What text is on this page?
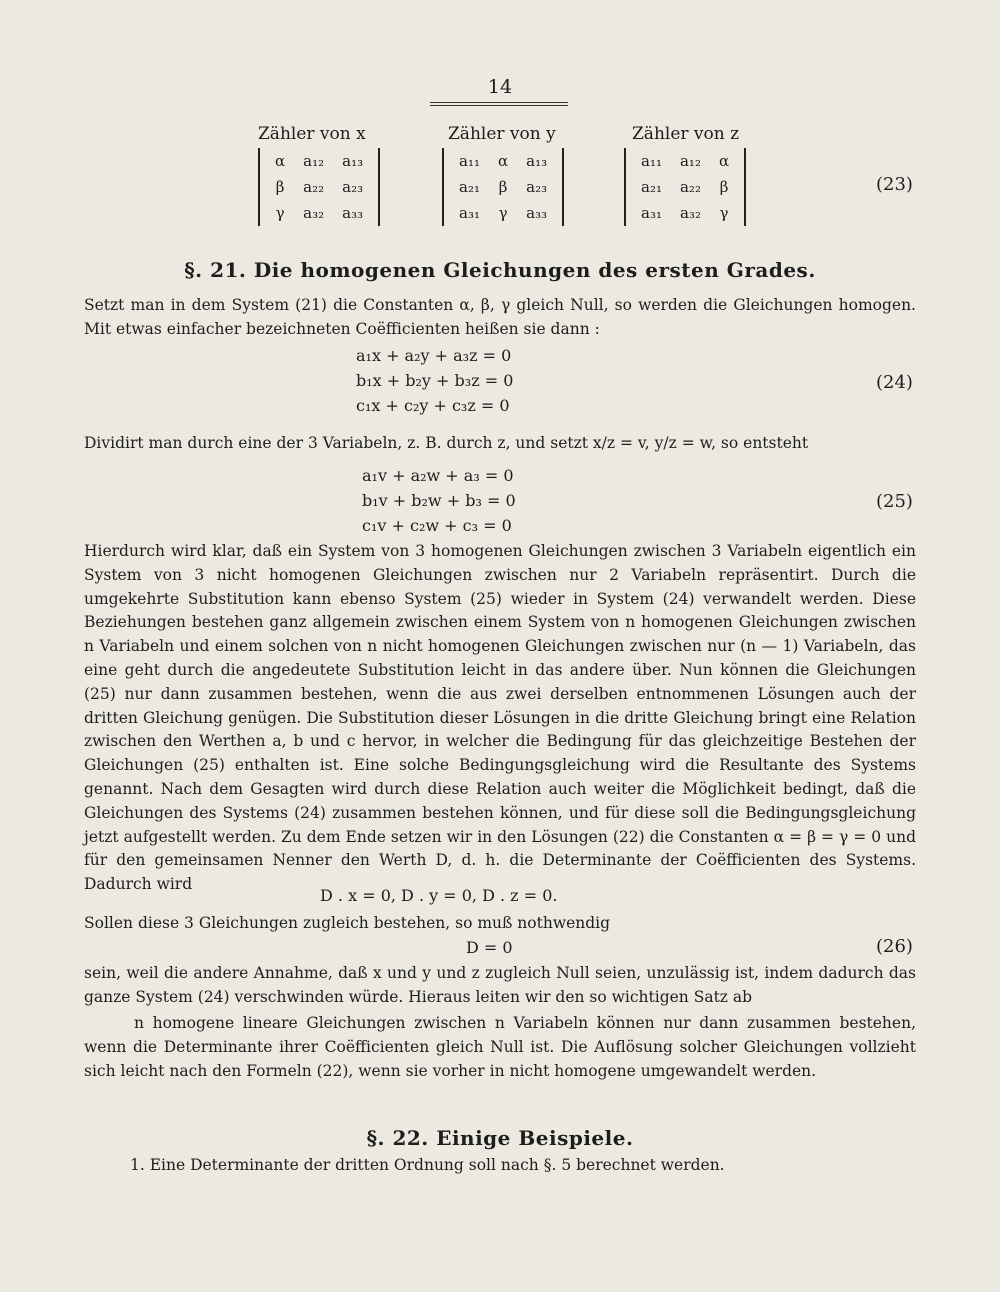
14
Zähler von x	Zähler von y	Zähler von z
α	a₁₂	a₁₃
β	a₂₂	a₂₃
γ	a₃₂	a₃₃
a₁₁	α	a₁₃
a₂₁	β	a₂₃
a₃₁	γ	a₃₃
a₁₁	a₁₂	α
a₂₁	a₂₂	β
a₃₁	a₃₂	γ
(23)
§. 21. Die homogenen Gleichungen des ersten Grades.
Setzt man in dem System (21) die Constanten α, β, γ gleich Null, so werden die Gleichungen homogen. Mit etwas einfacher bezeichneten Coëfficienten heißen sie dann :
a₁x + a₂y + a₃z = 0
b₁x + b₂y + b₃z = 0
c₁x + c₂y + c₃z = 0
(24)
Dividirt man durch eine der 3 Variabeln, z. B. durch z, und setzt x/z = v, y/z = w, so entsteht
a₁v + a₂w + a₃ = 0
b₁v + b₂w + b₃ = 0
c₁v + c₂w + c₃ = 0
(25)
Hierdurch wird klar, daß ein System von 3 homogenen Gleichungen zwischen 3 Variabeln eigentlich ein System von 3 nicht homogenen Gleichungen zwischen nur 2 Variabeln repräsentirt. Durch die umgekehrte Substitution kann ebenso System (25) wieder in System (24) verwandelt werden. Diese Beziehungen bestehen ganz allgemein zwischen einem System von n homogenen Gleichungen zwischen n Variabeln und einem solchen von n nicht homogenen Gleichungen zwischen nur (n — 1) Variabeln, das eine geht durch die angedeutete Substitution leicht in das andere über. Nun können die Gleichungen (25) nur dann zusammen bestehen, wenn die aus zwei derselben entnommenen Lösungen auch der dritten Gleichung genügen. Die Substitution dieser Lösungen in die dritte Gleichung bringt eine Relation zwischen den Werthen a, b und c hervor, in welcher die Bedingung für das gleichzeitige Bestehen der Gleichungen (25) enthalten ist. Eine solche Bedingungsgleichung wird die Resultante des Systems genannt. Nach dem Gesagten wird durch diese Relation auch weiter die Möglichkeit bedingt, daß die Gleichungen des Systems (24) zusammen bestehen können, und für diese soll die Bedingungsgleichung jetzt aufgestellt werden. Zu dem Ende setzen wir in den Lösungen (22) die Constanten α = β = γ = 0 und für den gemeinsamen Nenner den Werth D, d. h. die Determinante der Coëfficienten des Systems. Dadurch wird
D . x = 0, D . y = 0, D . z = 0.
Sollen diese 3 Gleichungen zugleich bestehen, so muß nothwendig
D = 0	(26)
sein, weil die andere Annahme, daß x und y und z zugleich Null seien, unzulässig ist, indem dadurch das ganze System (24) verschwinden würde. Hieraus leiten wir den so wichtigen Satz ab
n homogene lineare Gleichungen zwischen n Variabeln können nur dann zusammen bestehen, wenn die Determinante ihrer Coëfficienten gleich Null ist. Die Auflösung solcher Gleichungen vollzieht sich leicht nach den Formeln (22), wenn sie vorher in nicht homogene umgewandelt werden.
§. 22. Einige Beispiele.
1. Eine Determinante der dritten Ordnung soll nach §. 5 berechnet werden.
